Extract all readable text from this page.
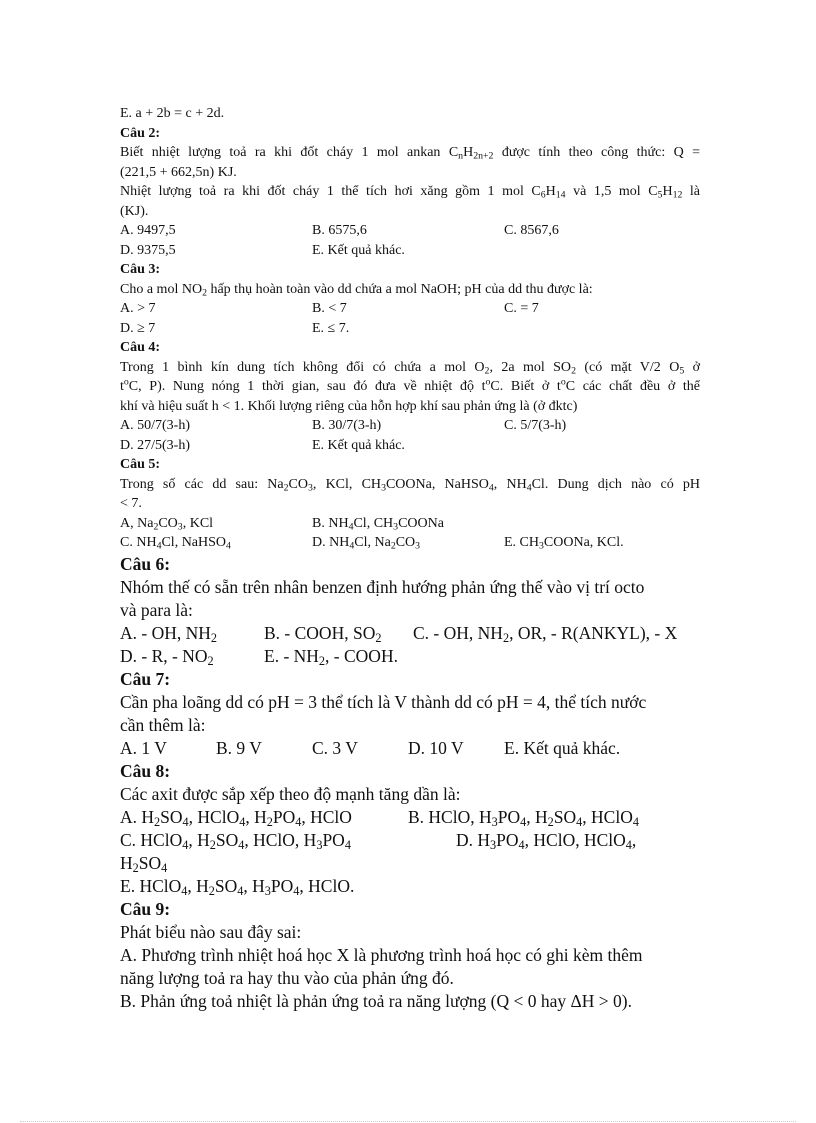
E. a + 2b = c + 2d.
Câu 2:
Biết nhiệt lượng toả ra khi đốt cháy 1 mol ankan $C_nH_{2n+2}$ được tính theo công thức: Q =
(221,5 + 662,5n) KJ.
Nhiệt lượng toả ra khi đốt cháy 1 thể tích hơi xăng gồm 1 mol $C_6H_{14}$ và 1,5 mol $C_5H_{12}$ là
(KJ).
A. 9497,5	B. 6575,6	C. 8567,6
D. 9375,5	E. Kết quả khác.
Câu 3:
Cho a mol $NO_2$ hấp thụ hoàn toàn vào dd chứa a mol NaOH; pH của dd thu được là:
A. > 7	B. < 7	C. = 7
D. ≥ 7	E. ≤ 7.
Câu 4:
Trong 1 bình kín dung tích không đổi có chứa a mol $O_2$, 2a mol $SO_2$ (có mặt V/2 $O_5$ ở
$t^oC$, P). Nung nóng 1 thời gian, sau đó đưa về nhiệt độ $t^oC$. Biết ở $t^oC$ các chất đều ở thể
khí và hiệu suất h < 1. Khối lượng riêng của hỗn hợp khí sau phản ứng là (ở đktc)
A. 50/7(3-h)	B. 30/7(3-h)	C. 5/7(3-h)
D. 27/5(3-h)	E. Kết quả khác.
Câu 5:
Trong số các dd sau: $Na_2CO_3$, KCl, $CH_3COONa$, NaHSO$_4$, $NH_4Cl$. Dung dịch nào có pH
< 7.
A, $Na_2CO_3$, KCl	B. $NH_4Cl$, $CH_3COONa$
C. $NH_4Cl$, NaHSO$_4$	D. $NH_4Cl$, $Na_2CO_3$	E. $CH_3COONa$, KCl.
Câu 6:
Nhóm thế có sẵn trên nhân benzen định hướng phản ứng thế vào vị trí octo
và para là:
A. - OH, $NH_2$	B. - COOH, $SO_2$ C. - OH, $NH_2$, OR, - R(ANKYL), - X
D. - R, - $NO_2$	E. - $NH_2$, - COOH.
Câu 7:
Cần pha loãng dd có pH = 3 thể tích là V thành dd có pH = 4, thể tích nước
cần thêm là:
A. 1 V	B. 9 V	C. 3 V	D. 10 V E. Kết quả khác.
Câu 8:
Các axit được sắp xếp theo độ mạnh tăng dần là:
A. $H_2SO_4$, HClO$_4$, $H_2PO_4$, HClO	B. HClO, $H_3PO_4$, $H_2SO_4$, HClO$_4$
C. HClO$_4$, $H_2SO_4$, HClO, $H_3PO_4$	D. $H_3PO_4$, HClO, HClO$_4$,
$H_2SO_4$
E. HClO$_4$, $H_2SO_4$, $H_3PO_4$, HClO.
Câu 9:
Phát biểu nào sau đây sai:
A. Phương trình nhiệt hoá học X là phương trình hoá học có ghi kèm thêm
năng lượng toả ra hay thu vào của phản ứng đó.
B. Phản ứng toả nhiệt là phản ứng toả ra năng lượng (Q < 0 hay ΔH > 0).
